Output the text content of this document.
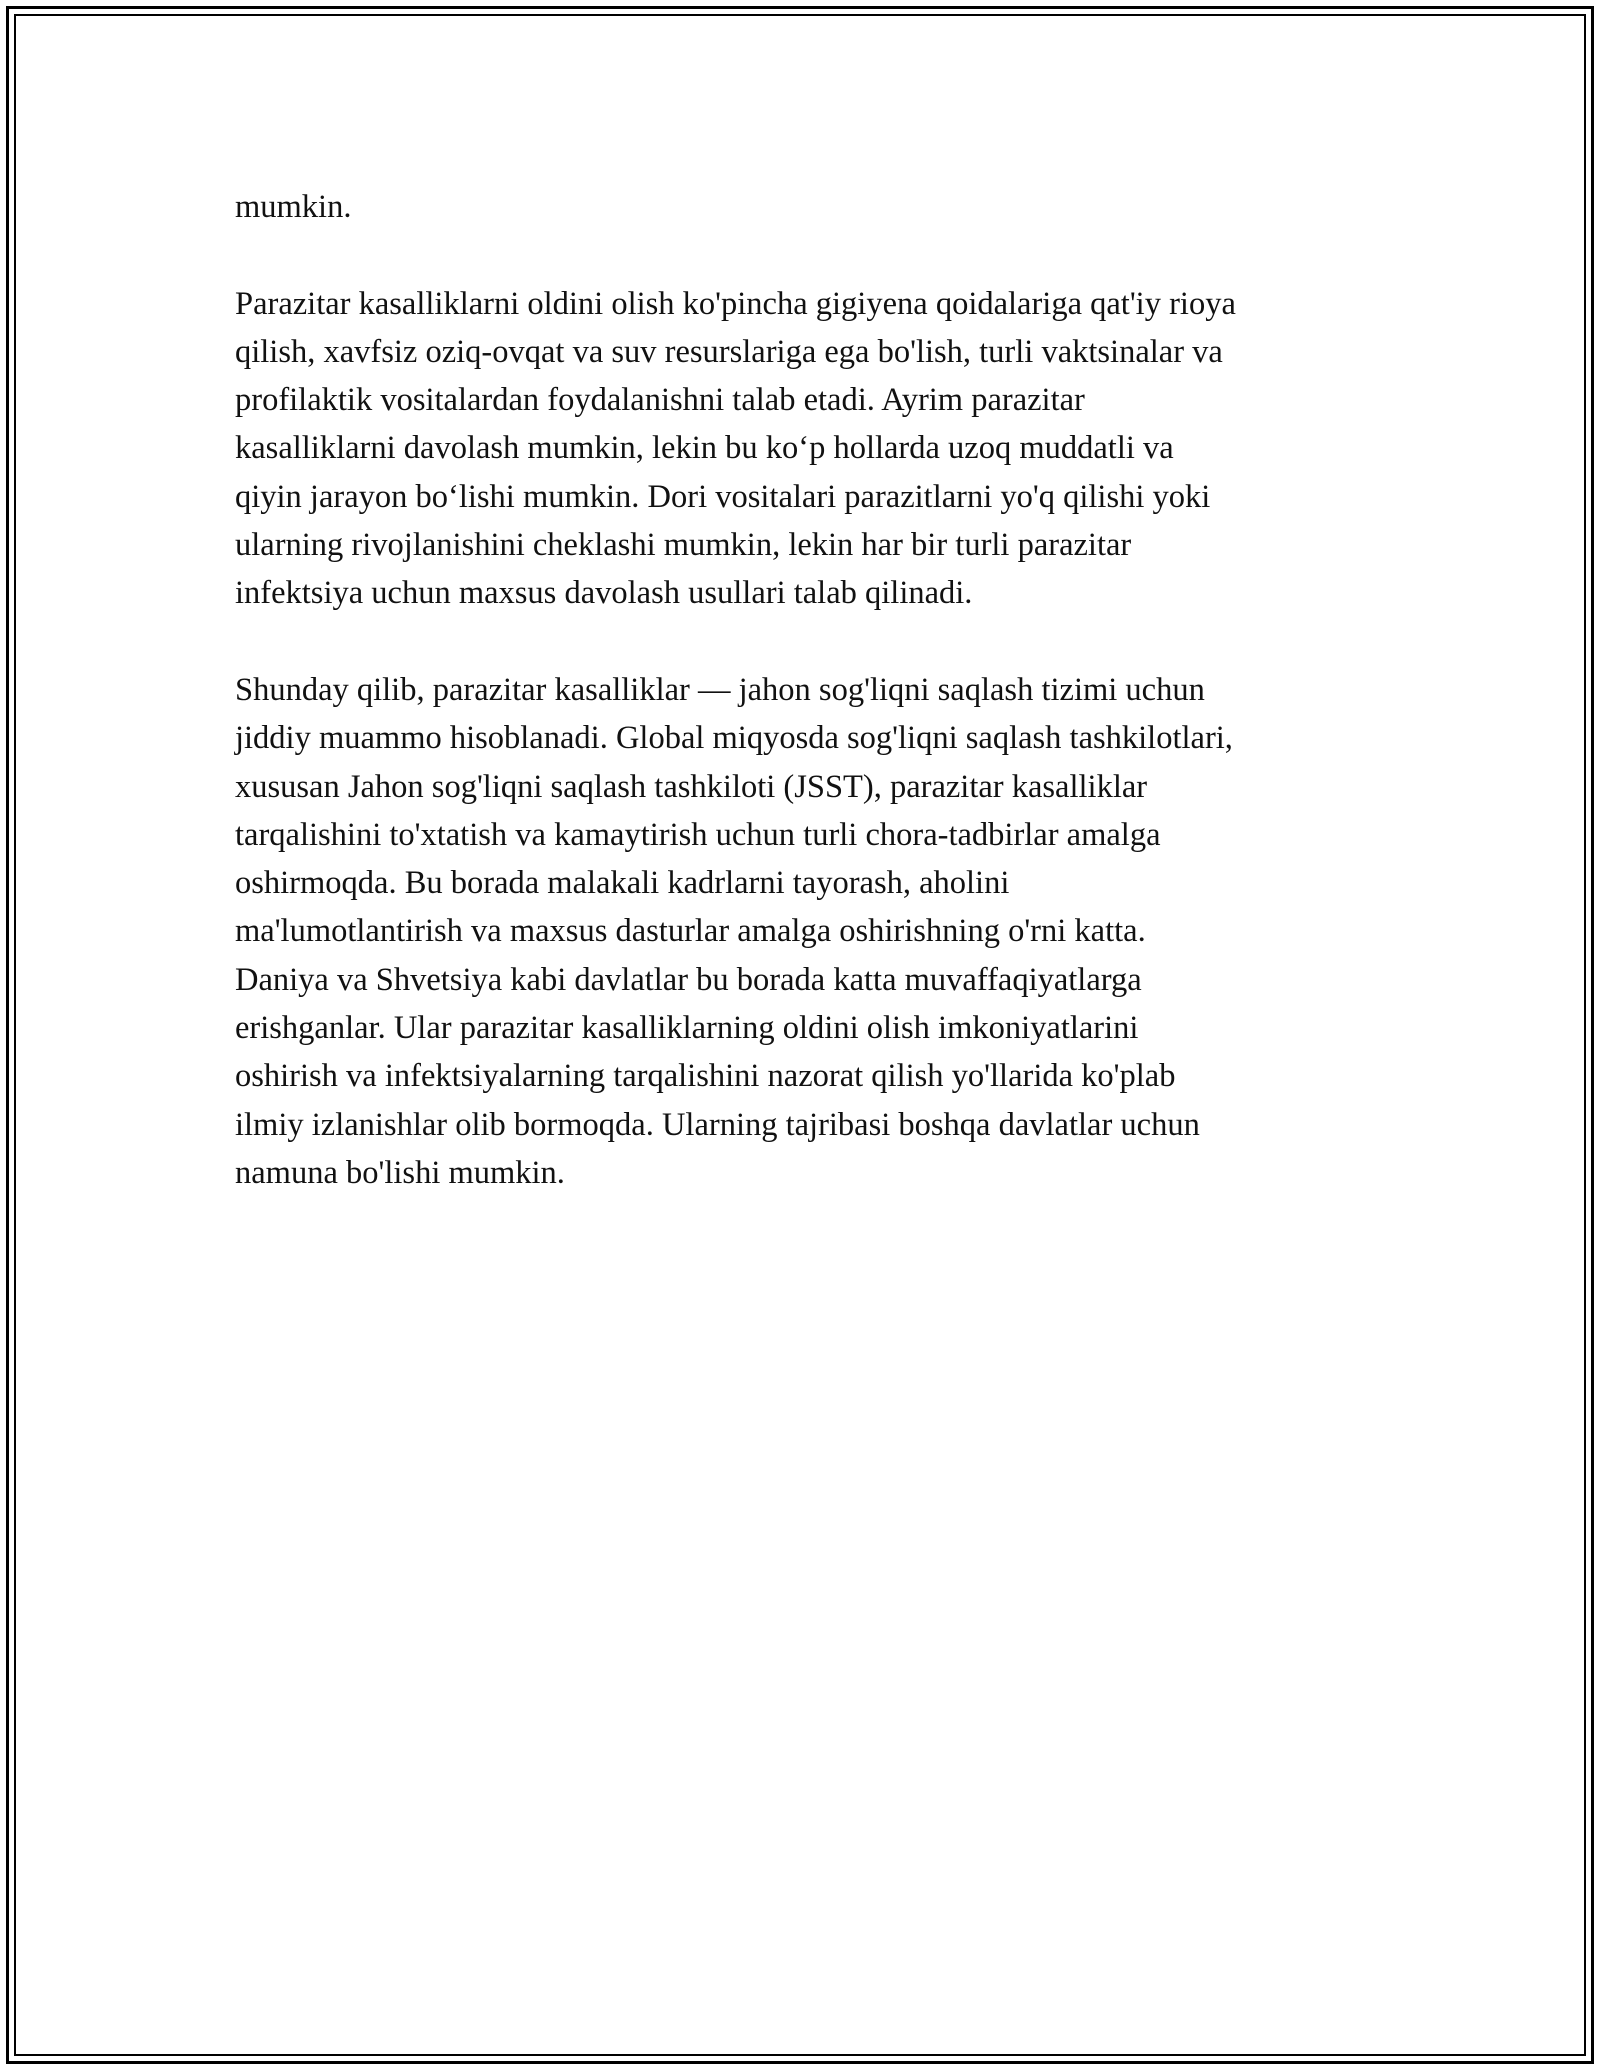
mumkin.

Parazitar kasalliklarni oldini olish ko'pincha gigiyena qoidalariga qat'iy rioya
qilish, xavfsiz oziq-ovqat va suv resurslariga ega bo'lish, turli vaktsinalar va
profilaktik vositalardan foydalanishni talab etadi. Ayrim parazitar
kasalliklarni davolash mumkin, lekin bu ko‘p hollarda uzoq muddatli va
qiyin jarayon bo‘lishi mumkin. Dori vositalari parazitlarni yo'q qilishi yoki
ularning rivojlanishini cheklashi mumkin, lekin har bir turli parazitar
infektsiya uchun maxsus davolash usullari talab qilinadi.

Shunday qilib, parazitar kasalliklar — jahon sog'liqni saqlash tizimi uchun
jiddiy muammo hisoblanadi. Global miqyosda sog'liqni saqlash tashkilotlari,
xususan Jahon sog'liqni saqlash tashkiloti (JSST), parazitar kasalliklar
tarqalishini to'xtatish va kamaytirish uchun turli chora-tadbirlar amalga
oshirmoqda. Bu borada malakali kadrlarni tayorash, aholini
ma'lumotlantirish va maxsus dasturlar amalga oshirishning o'rni katta.
Daniya va Shvetsiya kabi davlatlar bu borada katta muvaffaqiyatlarga
erishganlar. Ular parazitar kasalliklarning oldini olish imkoniyatlarini
oshirish va infektsiyalarning tarqalishini nazorat qilish yo'llarida ko'plab
ilmiy izlanishlar olib bormoqda. Ularning tajribasi boshqa davlatlar uchun
namuna bo'lishi mumkin.
